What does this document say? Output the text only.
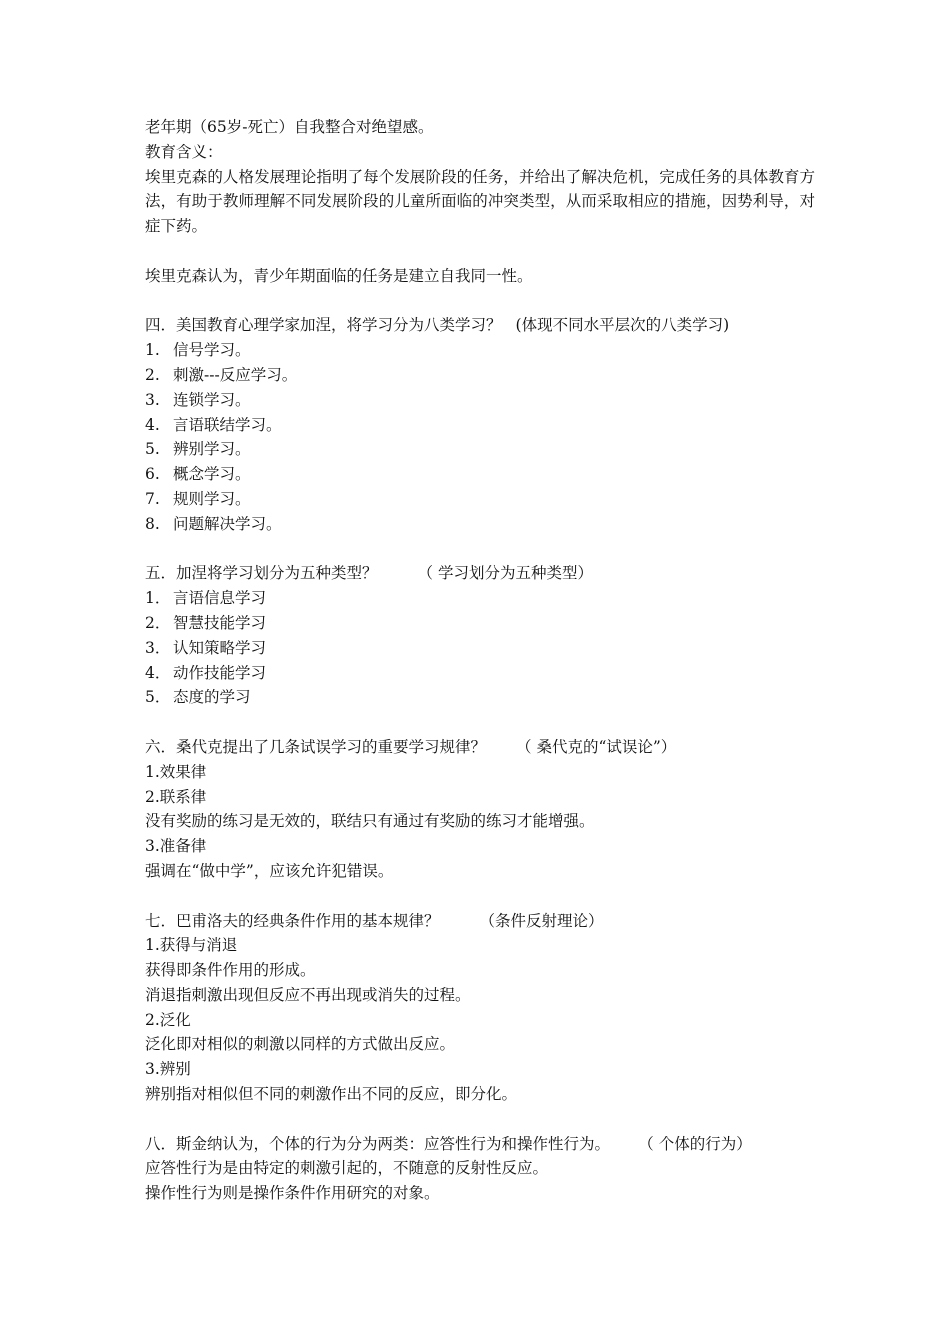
老年期（65岁-死亡）自我整合对绝望感。
教育含义：
埃里克森的人格发展理论指明了每个发展阶段的任务，并给出了解决危机，完成任务的具体教育方法，有助于教师理解不同发展阶段的儿童所面临的冲突类型，从而采取相应的措施，因势利导，对症下药。
埃里克森认为，青少年期面临的任务是建立自我同一性。
四．美国教育心理学家加涅，将学习分为八类学习？ (体现不同水平层次的八类学习)
1. 信号学习。
2. 刺激---反应学习。
3. 连锁学习。
4. 言语联结学习。
5. 辨别学习。
6. 概念学习。
7. 规则学习。
8. 问题解决学习。
五．加涅将学习划分为五种类型？	（ 学习划分为五种类型）
1． 言语信息学习
2． 智慧技能学习
3． 认知策略学习
4． 动作技能学习
5． 态度的学习
六．桑代克提出了几条试误学习的重要学习规律？ （ 桑代克的“试误论”）
1.效果律
2.联系律
没有奖励的练习是无效的，联结只有通过有奖励的练习才能增强。
3.准备律
强调在“做中学”，应该允许犯错误。
七．巴甫洛夫的经典条件作用的基本规律？	（条件反射理论）
1.获得与消退
获得即条件作用的形成。
消退指刺激出现但反应不再出现或消失的过程。
2.泛化
泛化即对相似的刺激以同样的方式做出反应。
3.辨别
辨别指对相似但不同的刺激作出不同的反应，即分化。
八．斯金纳认为，个体的行为分为两类：应答性行为和操作性行为。 （ 个体的行为）
应答性行为是由特定的刺激引起的，不随意的反射性反应。
操作性行为则是操作条件作用研究的对象。
